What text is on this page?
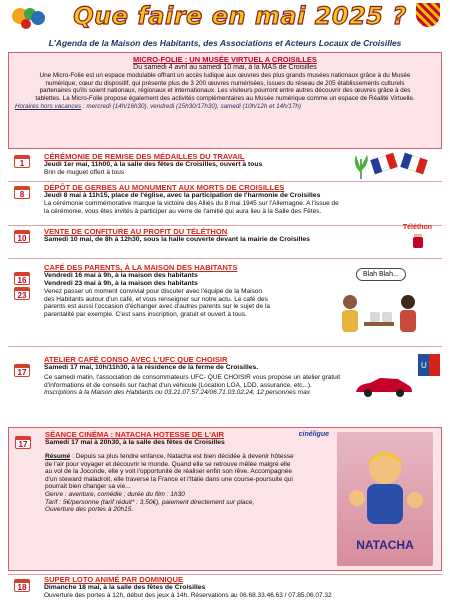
Que faire en mai 2025 ?
L'Agenda de la Maison des Habitants, des Associations et Acteurs Locaux de Croisilles
MICRO-FOLIE : UN MUSÉE VIRTUEL A CROISILLES
Du samedi 4 avril au samedi 10 mai, à la MAS de Croisilles
Une Micro-Folie est un espace modulable offrant un accès ludique aux œuvres des plus grands musées nationaux grâce à du Musée
numérique, cœur du dispositif, qui présente plus de 3 200 œuvres numérisées, issues du réseau de 205 établissements culturels
partenaires qu'ils soient nationaux, régionaux et internationaux. Les visiteurs pourront entre autres découvrir des œuvres grâce à des
tablettes. La Micro-Folie propose également des activités complémentaires au Musée numérique comme un espace de Réalité Virtuelle.
Horaires hors vacances : mercredi (14h/16h30), vendredi (15h30/17h30), samedi (10h/12h et 14h/17h)
1
CÉRÉMONIE DE REMISE DES MÉDAILLES DU TRAVAIL
Jeudi 1er mai, 11h00, à la salle des fêtes de Croisilles, ouvert à tous
Brin de muguet offert à tous
8
DÉPÔT DE GERBES AU MONUMENT AUX MORTS DE CROISILLES
Jeudi 8 mai à 11h15, place de l'église, avec la participation de l'harmonie de Croisilles
La cérémonie commémorative marque la victoire des Alliés du 8 mai 1945 sur l'Allemagne. A l'issue de
la cérémonie, vous êtes invités à participer au verre de l'amitié qui aura lieu à la Salle des Fêtes.
10
VENTE DE CONFITURE AU PROFIT DU TÉLÉTHON
Samedi 10 mai, de 8h à 12h30, sous la halle couverte devant la mairie de Croisilles
Téléthon
16
23
CAFÉ DES PARENTS, À LA MAISON DES HABITANTS
Vendredi 16 mai à 9h, à la maison des habitants
Vendredi 23 mai à 9h, à la maison des habitants
Venez passer un moment convivial pour discuter avec l'équipe de la Maison
des Habitants autour d'un café, et vous renseigner sur notre actu. Le café des
parents est aussi l'occasion d'échanger avec d'autres parents sur le sujet de la
parentalité par exemple. C'est sans inscription, gratuit et ouvert à tous.
Blah Blah...
17
ATELIER CAFÉ CONSO AVEC L'UFC QUE CHOISIR
Samedi 17 mai, 10h/11h30, à la résidence de la ferme de Croisilles.
Ce samedi matin, l'association de consommateurs UFC- QUE CHOISIR vous propose un atelier gratuit
d'informations et de conseils sur l'achat d'un véhicule (Location LOA, LDD, assurance, etc...).
Inscriptions à la Maison des Habitants ou 03.21.07.57.24/06.71.03.02.24, 12 personnes max
U
17
SÉANCE CINÉMA : NATACHA HOTESSE DE L'AIR
Samedi 17 mai à 20h30, à la salle des fêtes de Croisilles
Résumé : Depuis sa plus tendre enfance, Natacha est bien décidée à devenir hôtesse
de l'air pour voyager et découvrir le monde. Quand elle se retrouve mêlée malgré elle
au vol de la Joconde, elle y voit l'opportunité de réaliser enfin son rêve. Accompagnée
d'un steward maladroit, elle traverse la France et l'Italie dans une course-poursuite qui
pourrait bien changer sa vie...
Genre : aventure, comédie ; durée du film : 1h30
Tarif : 5€/personne (tarif réduit* : 3,50€), paiement directement sur place,
Ouverture des portes à 20h15.
cinéligue
NATACHA
18
SUPER LOTO ANIMÉ PAR DOMINIQUE
Dimanche 18 mai, à la salle des fêtes de Croisilles
Ouverture des portes à 12h, début des jeux à 14h. Réservations au 06.68.33.46.63 / 07.85.06.07.32
